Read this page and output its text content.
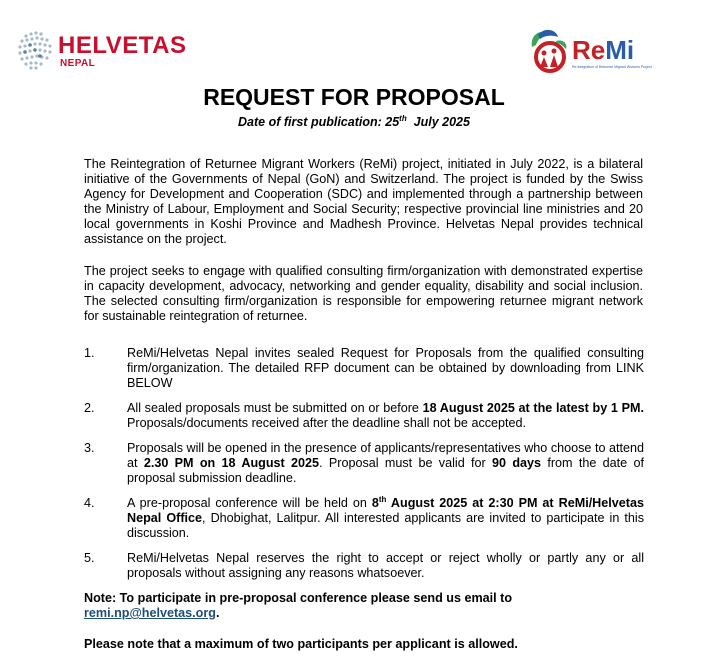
HELVETAS
NEPAL	ReMi
Re-integration of Returnee Migrant Workers Project
REQUEST FOR PROPOSAL
Date of first publication: 25th  July 2025
The Reintegration of Returnee Migrant Workers (ReMi) project, initiated in July 2022, is a bilateral initiative of the Governments of Nepal (GoN) and Switzerland. The project is funded by the Swiss Agency for Development and Cooperation (SDC) and implemented through a partnership between the Ministry of Labour, Employment and Social Security; respective provincial line ministries and 20 local governments in Koshi Province and Madhesh Province. Helvetas Nepal provides technical assistance on the project.
The project seeks to engage with qualified consulting firm/organization with demonstrated expertise in capacity development, advocacy, networking and gender equality, disability and social inclusion. The selected consulting firm/organization is responsible for empowering returnee migrant network for sustainable reintegration of returnee.
1.	ReMi/Helvetas Nepal invites sealed Request for Proposals from the qualified consulting firm/organization. The detailed RFP document can be obtained by downloading from LINK BELOW
2.	All sealed proposals must be submitted on or before 18 August 2025 at the latest by 1 PM. Proposals/documents received after the deadline shall not be accepted.
3.	Proposals will be opened in the presence of applicants/representatives who choose to attend at 2.30 PM on 18 August 2025. Proposal must be valid for 90 days from the date of proposal submission deadline.
4.	A pre-proposal conference will be held on 8th August 2025 at 2:30 PM at ReMi/Helvetas Nepal Office, Dhobighat, Lalitpur. All interested applicants are invited to participate in this discussion.
5.	ReMi/Helvetas Nepal reserves the right to accept or reject wholly or partly any or all proposals without assigning any reasons whatsoever.
Note: To participate in pre-proposal conference please send us email to
remi.np@helvetas.org.
Please note that a maximum of two participants per applicant is allowed.
